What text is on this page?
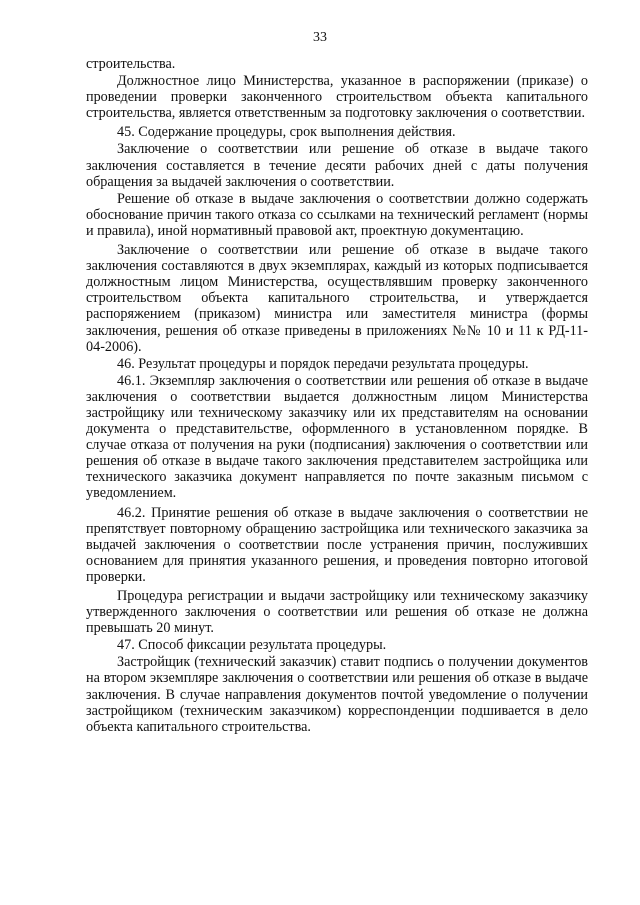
33

строительства.

Должностное лицо Министерства, указанное в распоряжении (приказе) о проведении проверки законченного строительством объекта капитального строительства, является ответственным за подготовку заключения о соответствии.

45. Содержание процедуры, срок выполнения действия.

Заключение о соответствии или решение об отказе в выдаче такого заключения составляется в течение десяти рабочих дней с даты получения обращения за выдачей заключения о соответствии.

Решение об отказе в выдаче заключения о соответствии должно содержать обоснование причин такого отказа со ссылками на технический регламент (нормы и правила), иной нормативный правовой акт, проектную документацию.

Заключение о соответствии или решение об отказе в выдаче такого заключения составляются в двух экземплярах, каждый из которых подписывается должностным лицом Министерства, осуществлявшим проверку законченного строительством объекта капитального строительства, и утверждается распоряжением (приказом) министра или заместителя министра (формы заключения, решения об отказе приведены в приложениях №№ 10 и 11 к РД-11-04-2006).

46. Результат процедуры и порядок передачи результата процедуры.

46.1. Экземпляр заключения о соответствии или решения об отказе в выдаче заключения о соответствии выдается должностным лицом Министерства застройщику или техническому заказчику или их представителям на основании документа о представительстве, оформленного в установленном порядке. В случае отказа от получения на руки (подписания) заключения о соответствии или решения об отказе в выдаче такого заключения представителем застройщика или технического заказчика документ направляется по почте заказным письмом с уведомлением.

46.2. Принятие решения об отказе в выдаче заключения о соответствии не препятствует повторному обращению застройщика или технического заказчика за выдачей заключения о соответствии после устранения причин, послуживших основанием для принятия указанного решения, и проведения повторно итоговой проверки.

Процедура регистрации и выдачи застройщику или техническому заказчику утвержденного заключения о соответствии или решения об отказе не должна превышать 20 минут.

47. Способ фиксации результата процедуры.

Застройщик (технический заказчик) ставит подпись о получении документов на втором экземпляре заключения о соответствии или решения об отказе в выдаче заключения. В случае направления документов почтой уведомление о получении застройщиком (техническим заказчиком) корреспонденции подшивается в дело объекта капитального строительства.
